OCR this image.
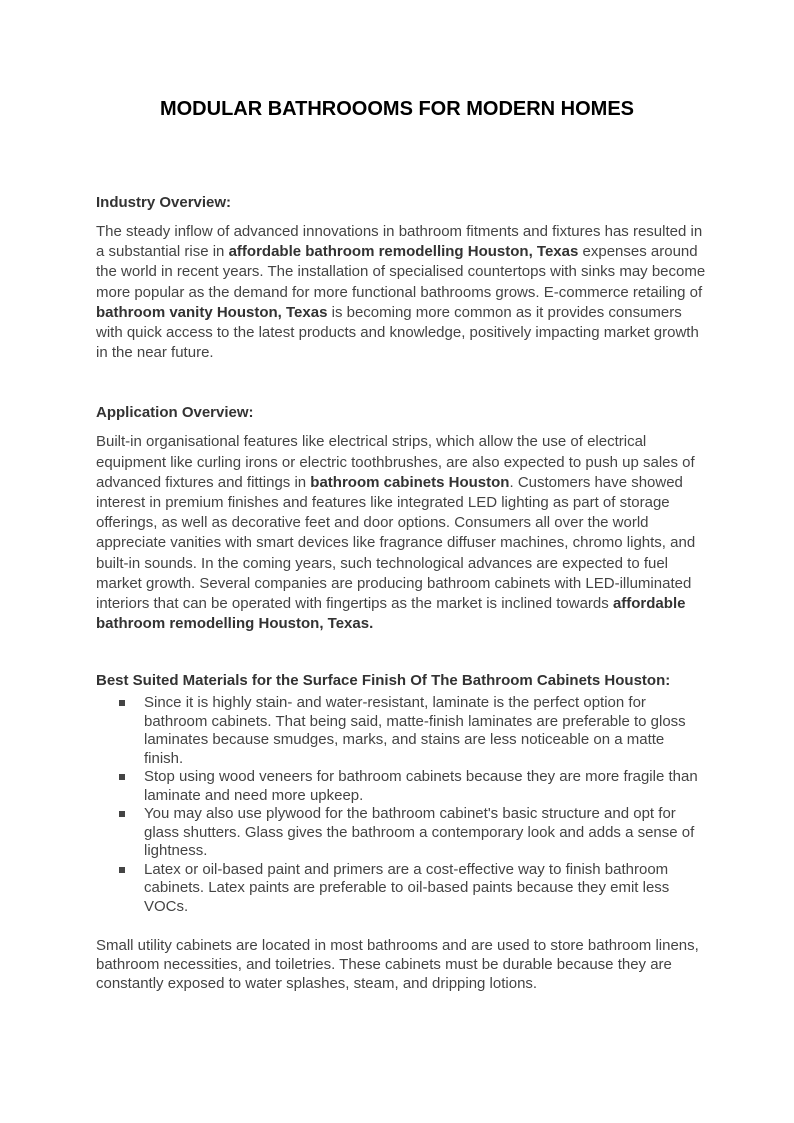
MODULAR BATHROOOMS FOR MODERN HOMES
Industry Overview:

The steady inflow of advanced innovations in bathroom fitments and fixtures has resulted in a substantial rise in affordable bathroom remodelling Houston, Texas expenses around the world in recent years. The installation of specialised countertops with sinks may become more popular as the demand for more functional bathrooms grows. E-commerce retailing of bathroom vanity Houston, Texas is becoming more common as it provides consumers with quick access to the latest products and knowledge, positively impacting market growth in the near future.

Application Overview:

Built-in organisational features like electrical strips, which allow the use of electrical equipment like curling irons or electric toothbrushes, are also expected to push up sales of advanced fixtures and fittings in bathroom cabinets Houston. Customers have showed interest in premium finishes and features like integrated LED lighting as part of storage offerings, as well as decorative feet and door options. Consumers all over the world appreciate vanities with smart devices like fragrance diffuser machines, chromo lights, and built-in sounds. In the coming years, such technological advances are expected to fuel market growth. Several companies are producing bathroom cabinets with LED-illuminated interiors that can be operated with fingertips as the market is inclined towards affordable bathroom remodelling Houston, Texas.

Best Suited Materials for the Surface Finish Of The Bathroom Cabinets Houston:
Since it is highly stain- and water-resistant, laminate is the perfect option for bathroom cabinets. That being said, matte-finish laminates are preferable to gloss laminates because smudges, marks, and stains are less noticeable on a matte finish.
Stop using wood veneers for bathroom cabinets because they are more fragile than laminate and need more upkeep.
You may also use plywood for the bathroom cabinet's basic structure and opt for glass shutters. Glass gives the bathroom a contemporary look and adds a sense of lightness.
Latex or oil-based paint and primers are a cost-effective way to finish bathroom cabinets. Latex paints are preferable to oil-based paints because they emit less VOCs.

Small utility cabinets are located in most bathrooms and are used to store bathroom linens, bathroom necessities, and toiletries. These cabinets must be durable because they are constantly exposed to water splashes, steam, and dripping lotions.
